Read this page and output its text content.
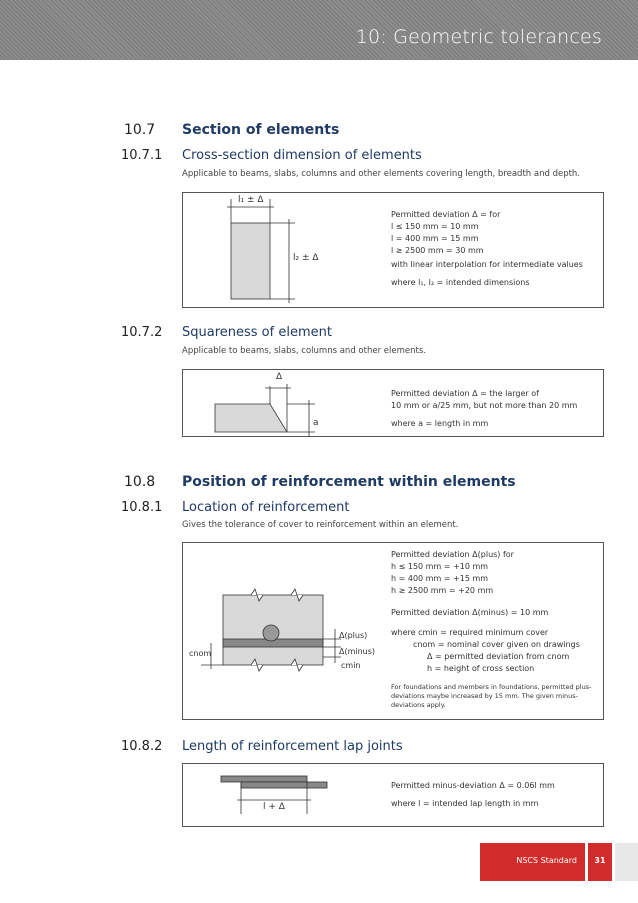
10: Geometric tolerances
10.7 Section of elements
10.7.1 Cross-section dimension of elements
Applicable to beams, slabs, columns and other elements covering length, breadth and depth.
l₁ ± Δ
l₂ ± Δ
Permitted deviation Δ = for
l ≤ 150 mm = 10 mm
l = 400 mm = 15 mm
l ≥ 2500 mm = 30 mm
with linear interpolation for intermediate values
where l₁, l₂ = intended dimensions
10.7.2 Squareness of element
Applicable to beams, slabs, columns and other elements.
Δ
a
Permitted deviation Δ = the larger of
10 mm or a/25 mm, but not more than 20 mm
where a = length in mm
10.8 Position of reinforcement within elements
10.8.1 Location of reinforcement
Gives the tolerance of cover to reinforcement within an element.
Δ(plus)
Δ(minus)
cmin
cnom
Permitted deviation Δ(plus) for
h ≤ 150 mm = +10 mm
h = 400 mm = +15 mm
h ≥ 2500 mm = +20 mm
Permitted deviation Δ(minus) = 10 mm
where cmin = required minimum cover
cnom = nominal cover given on drawings
Δ = permitted deviation from cnom
h = height of cross section
For foundations and members in foundations, permitted plus-deviations maybe increased by 15 mm. The given minus-deviations apply.
10.8.2 Length of reinforcement lap joints
l + Δ
Permitted minus-deviation Δ = 0.06l mm
where l = intended lap length in mm
NSCS Standard	31
